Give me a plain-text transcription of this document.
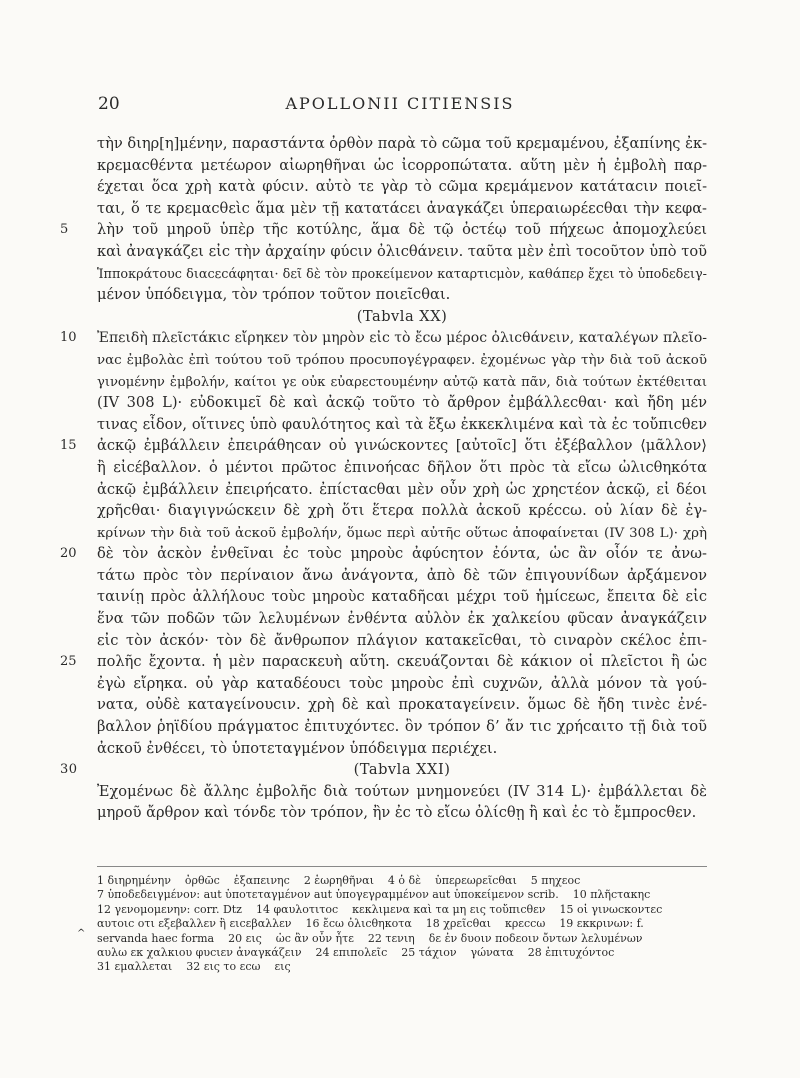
20	APOLLONII CITIENSIS
τὴν διηρ[η]μένην, παραστάντα ὀρθὸν παρὰ τὸ cῶμα τοῦ κρεμαμένου, ἐξαπίνης ἐκ-
κρεμαcθέντα μετέωρον αἰωρηθῆναι ὡc ἰcορροπώτατα. αὕτη μὲν ἡ ἐμβολὴ παρ-
έχεται ὅcα χρὴ κατὰ φύcιν. αὐτὸ τε γὰρ τὸ cῶμα κρεμάμενον κατάταcιν ποιεῖ-
ται, ὅ τε κρεμαcθεὶc ἅμα μὲν τῇ κατατάcει ἀναγκάζει ὑπεραιωρέεcθαι τὴν κεφα-
5 λὴν τοῦ μηροῦ ὑπὲρ τῆc κοτύληc, ἅμα δὲ τῷ ὀcτέῳ τοῦ πήχεωc ἀπομοχλεύει
καὶ ἀναγκάζει εἰc τὴν ἀρχαίην φύcιν ὀλιcθάνειν. ταῦτα μὲν ἐπὶ τοcοῦτον ὑπὸ τοῦ
Ἱπποκράτουc διαcεcάφηται· δεῖ δὲ τὸν προκείμενον καταρτιcμὸν, καθάπερ ἔχει τὸ ὑποδεδειγ-
μένον ὑπόδειγμα, τὸν τρόπον τοῦτον ποιεῖcθαι.
(Tabvla XX)
10 Ἐπειδὴ πλεῖcτάκιc εἴρηκεν τὸν μηρὸν εἰc τὸ ἔcω μέροc ὀλιcθάνειν, καταλέγων πλεῖο-
ναc ἐμβολὰc ἐπὶ τούτου τοῦ τρόπου προcυπογέγραφεν. ἐχομένωc γὰρ τὴν διὰ τοῦ ἀcκοῦ
γινομένην ἐμβολήν, καίτοι γε οὐκ εὐαρεcτουμένην αὐτῷ κατὰ πᾶν, διὰ τούτων ἐκτέθειται
(IV 308 L)· εὐδοκιμεῖ δὲ καὶ ἀcκῷ τοῦτο τὸ ἄρθρον ἐμβάλλεcθαι· καὶ ἤδη μέν
τινας εἶδον, οἵτινες ὑπὸ φαυλότητος καὶ τὰ ἔξω ἐκκεκλιμένα καὶ τὰ ἐc τοὔπιcθεν
15 ἀcκῷ ἐμβάλλειν ἐπειράθηcαν οὐ γινώcκοντες [αὐτοῖc] ὅτι ἐξέβαλλον ⟨μᾶλλον⟩
ἢ εἰcέβαλλον. ὁ μέντοι πρῶτοc ἐπινοήcαc δῆλον ὅτι πρὸc τὰ εἴcω ὠλιcθηκότα
ἀcκῷ ἐμβάλλειν ἐπειρήcατο. ἐπίcταcθαι μὲν οὖν χρὴ ὡc χρηcτέον ἀcκῷ, εἰ δέοι
χρῆcθαι· διαγιγνώcκειν δὲ χρὴ ὅτι ἕτερα πολλὰ ἀcκοῦ κρέccω. οὐ λίαν δὲ ἐγ-
κρίνων τὴν διὰ τοῦ ἀcκοῦ ἐμβολήν, ὅμωc περὶ αὐτῆc οὕτωc ἀποφαίνεται (IV 308 L)· χρὴ
20 δὲ τὸν ἀcκὸν ἐνθεῖναι ἐc τοὺc μηροὺc ἀφύcητον ἐόντα, ὡc ἂν οἷόν τε ἀνω-
τάτω πρὸc τὸν περίναιον ἄνω ἀνάγοντα, ἀπὸ δὲ τῶν ἐπιγουνίδων ἀρξάμενον
ταινίῃ πρὸc ἀλλήλουc τοὺc μηροὺc καταδῆcαι μέχρι τοῦ ἡμίcεωc, ἔπειτα δὲ εἰc
ἕνα τῶν ποδῶν τῶν λελυμένων ἐνθέντα αὐλὸν ἐκ χαλκείου φῦcαν ἀναγκάζειν
εἰc τὸν ἀcκόν· τὸν δὲ ἄνθρωπον πλάγιον κατακεῖcθαι, τὸ cιναρὸν cκέλοc ἐπι-
25 πολῆc ἔχοντα. ἡ μὲν παραcκευὴ αὕτη. cκευάζονται δὲ κάκιον οἱ πλεῖcτοι ἢ ὡc
ἐγὼ εἴρηκα. οὐ γὰρ καταδέουcι τοὺc μηροὺc ἐπὶ cυχνῶν, ἀλλὰ μόνον τὰ γού-
νατα, οὐδὲ καταγείνουcιν. χρὴ δὲ καὶ προκαταγείνειν. ὅμωc δὲ ἤδη τινὲc ἐνέ-
βαλλον ῥηϊδίου πράγματοc ἐπιτυχόντεc. ὃν τρόπον δ’ ἄν τιc χρήcαιτο τῇ διὰ τοῦ
ἀcκοῦ ἐνθέcει, τὸ ὑποτεταγμένον ὑπόδειγμα περιέχει.
30	(Tabvla XXI)
Ἐχομένωc δὲ ἄλληc ἐμβολῆc διὰ τούτων μνημονεύει (IV 314 L)· ἐμβάλλεται δὲ
μηροῦ ἄρθρον καὶ τόνδε τὸν τρόπον, ἢν ἐc τὸ εἴcω ὀλίcθῃ ἢ καὶ ἐc τὸ ἔμπροcθεν.
^
1 διηρημένην ὀρθῶc ἐξαπεινηc 2 ἑωρηθῆναι 4 ὁ δὲ ὑπερεωρεῖcθαι 5 πηχεοc
7 ὑποδεδειγμένον: aut ὑποτεταγμένον aut ὑπογεγραμμένον aut ὑποκείμενον scrib. 10 πλῆcτακηc
12 γενομομενην: corr. Dtz 14 φαυλοτιτοc κεκλιμενα καὶ τα μη εις τοὔπιcθεν 15 οἱ γινωcκοντεc
αυτοιc οτι εξεβαλλεν ἢ ειcεβαλλεν 16 ἔcω ὀλιcθηκοτα 18 χρεῖcθαι κρεccω 19 εκκρινων: f.
servanda haec forma 20 εις ὡc ἂν οὖν ἦτε 22 τενιη δε ἐν δυοιν ποδεοιν ὄντων λελυμένων
αυλω εκ χαλκιου φυcιεν ἀναγκάζειν 24 επιπολεῖc 25 τάχιον γώνατα 28 ἐπιτυχόντοc
31 εμαλλεται 32 εις το εcω εις
